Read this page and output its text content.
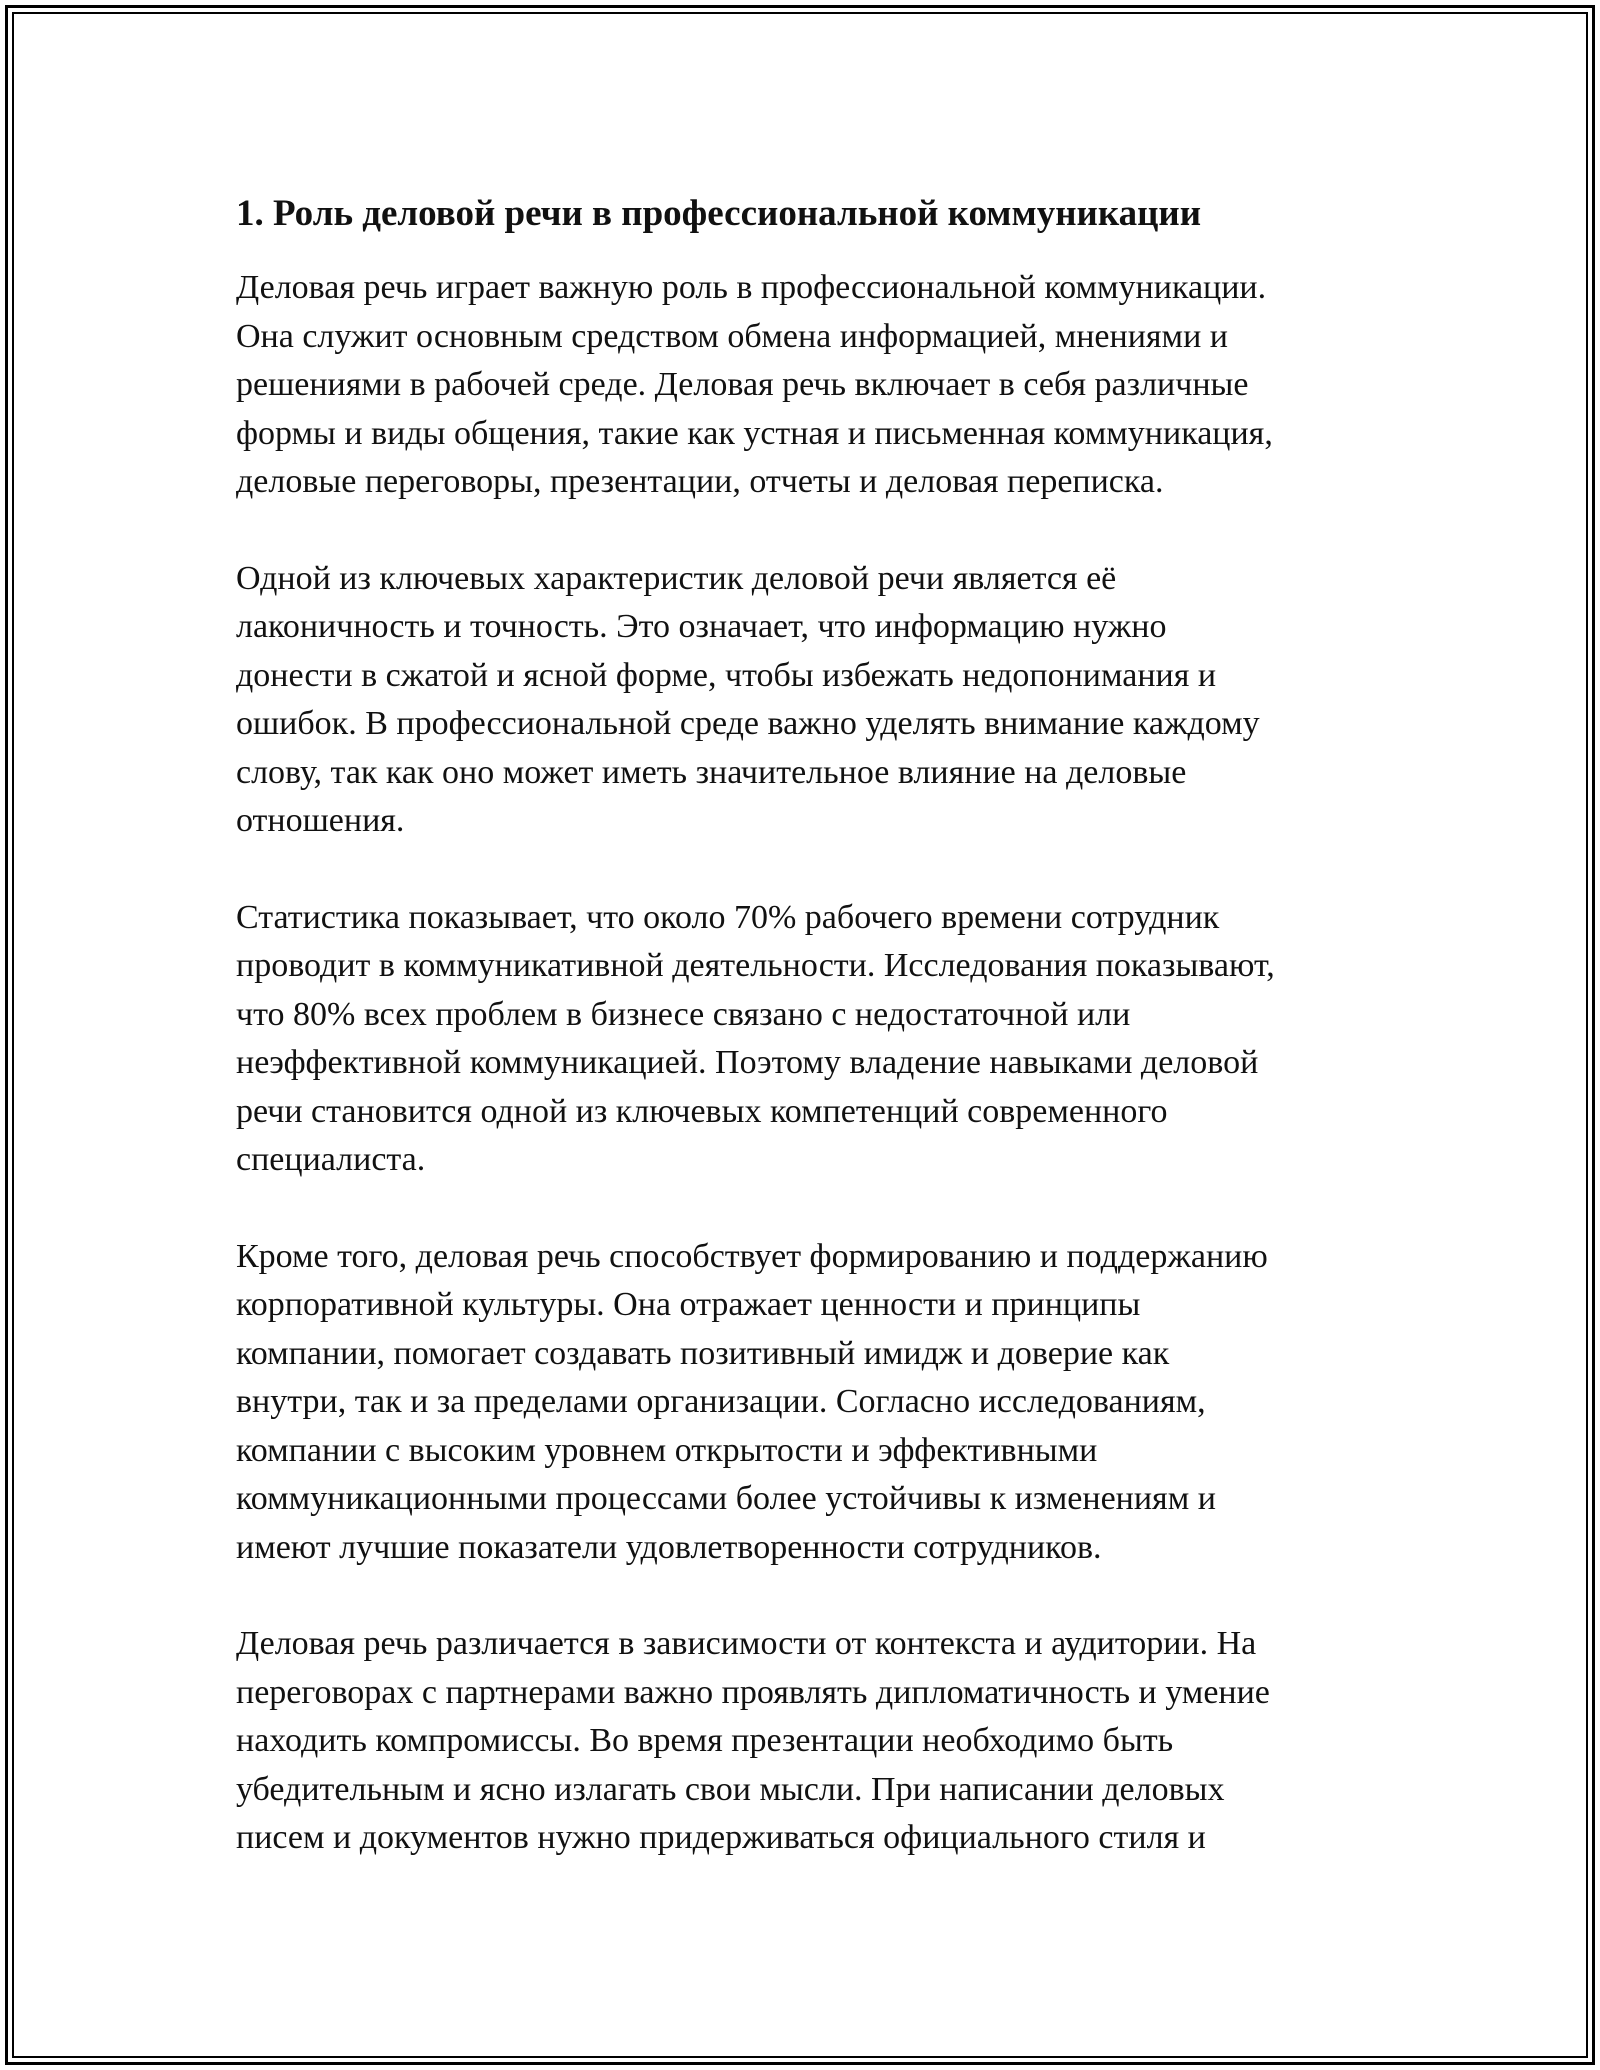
1. Роль деловой речи в профессиональной коммуникации

Деловая речь играет важную роль в профессиональной коммуникации.
Она служит основным средством обмена информацией, мнениями и
решениями в рабочей среде. Деловая речь включает в себя различные
формы и виды общения, такие как устная и письменная коммуникация,
деловые переговоры, презентации, отчеты и деловая переписка.

Одной из ключевых характеристик деловой речи является её
лаконичность и точность. Это означает, что информацию нужно
донести в сжатой и ясной форме, чтобы избежать недопонимания и
ошибок. В профессиональной среде важно уделять внимание каждому
слову, так как оно может иметь значительное влияние на деловые
отношения.

Статистика показывает, что около 70% рабочего времени сотрудник
проводит в коммуникативной деятельности. Исследования показывают,
что 80% всех проблем в бизнесе связано с недостаточной или
неэффективной коммуникацией. Поэтому владение навыками деловой
речи становится одной из ключевых компетенций современного
специалиста.

Кроме того, деловая речь способствует формированию и поддержанию
корпоративной культуры. Она отражает ценности и принципы
компании, помогает создавать позитивный имидж и доверие как
внутри, так и за пределами организации. Согласно исследованиям,
компании с высоким уровнем открытости и эффективными
коммуникационными процессами более устойчивы к изменениям и
имеют лучшие показатели удовлетворенности сотрудников.

Деловая речь различается в зависимости от контекста и аудитории. На
переговорах с партнерами важно проявлять дипломатичность и умение
находить компромиссы. Во время презентации необходимо быть
убедительным и ясно излагать свои мысли. При написании деловых
писем и документов нужно придерживаться официального стиля и
